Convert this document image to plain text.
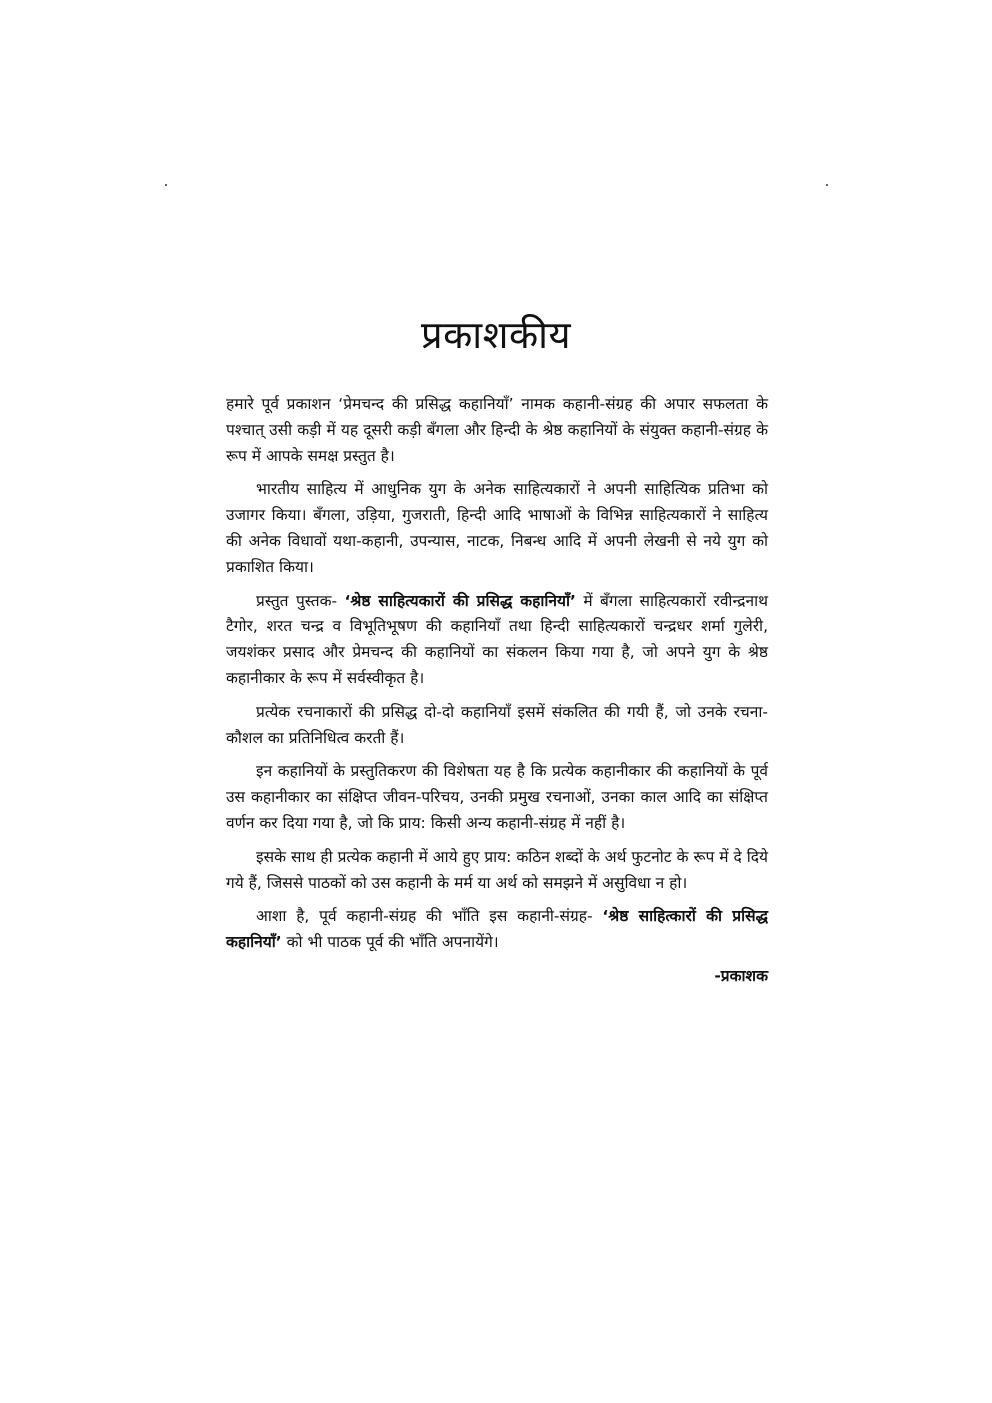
प्रकाशकीय

हमारे पूर्व प्रकाशन ‘प्रेमचन्द की प्रसिद्ध कहानियाँ’ नामक कहानी-संग्रह की अपार सफलता के पश्चात् उसी कड़ी में यह दूसरी कड़ी बँगला और हिन्दी के श्रेष्ठ कहानियों के संयुक्त कहानी-संग्रह के रूप में आपके समक्ष प्रस्तुत है।

भारतीय साहित्य में आधुनिक युग के अनेक साहित्यकारों ने अपनी साहित्यिक प्रतिभा को उजागर किया। बँगला, उड़िया, गुजराती, हिन्दी आदि भाषाओं के विभिन्न साहित्यकारों ने साहित्य की अनेक विधावों यथा-कहानी, उपन्यास, नाटक, निबन्ध आदि में अपनी लेखनी से नये युग को प्रकाशित किया।

प्रस्तुत पुस्तक- ‘श्रेष्ठ साहित्यकारों की प्रसिद्ध कहानियाँ’ में बँगला साहित्यकारों रवीन्द्रनाथ टैगोर, शरत चन्द्र व विभूतिभूषण की कहानियाँ तथा हिन्दी साहित्यकारों चन्द्रधर शर्मा गुलेरी, जयशंकर प्रसाद और प्रेमचन्द की कहानियों का संकलन किया गया है, जो अपने युग के श्रेष्ठ कहानीकार के रूप में सर्वस्वीकृत है।

प्रत्येक रचनाकारों की प्रसिद्ध दो-दो कहानियाँ इसमें संकलित की गयी हैं, जो उनके रचना-कौशल का प्रतिनिधित्व करती हैं।

इन कहानियों के प्रस्तुतिकरण की विशेषता यह है कि प्रत्येक कहानीकार की कहानियों के पूर्व उस कहानीकार का संक्षिप्त जीवन-परिचय, उनकी प्रमुख रचनाओं, उनका काल आदि का संक्षिप्त वर्णन कर दिया गया है, जो कि प्राय: किसी अन्य कहानी-संग्रह में नहीं है।

इसके साथ ही प्रत्येक कहानी में आये हुए प्राय: कठिन शब्दों के अर्थ फुटनोट के रूप में दे दिये गये हैं, जिससे पाठकों को उस कहानी के मर्म या अर्थ को समझने में असुविधा न हो।

आशा है, पूर्व कहानी-संग्रह की भाँति इस कहानी-संग्रह- ‘श्रेष्ठ साहित्कारों की प्रसिद्ध कहानियाँ’ को भी पाठक पूर्व की भाँति अपनायेंगे।

-प्रकाशक
